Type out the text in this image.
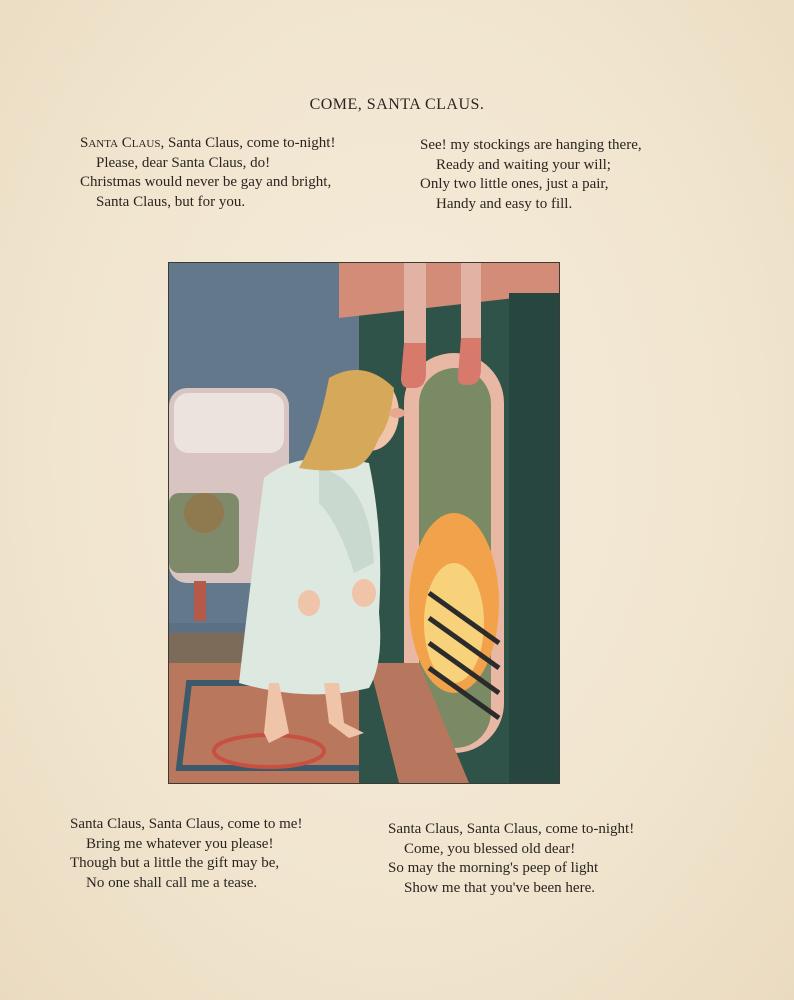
COME, SANTA CLAUS.
Santa Claus, Santa Claus, come to-night!
Please, dear Santa Claus, do!
Christmas would never be gay and bright,
Santa Claus, but for you.
See! my stockings are hanging there,
Ready and waiting your will;
Only two little ones, just a pair,
Handy and easy to fill.
Santa Claus, Santa Claus, come to me!
Bring me whatever you please!
Though but a little the gift may be,
No one shall call me a tease.
Santa Claus, Santa Claus, come to-night!
Come, you blessed old dear!
So may the morning's peep of light
Show me that you've been here.
